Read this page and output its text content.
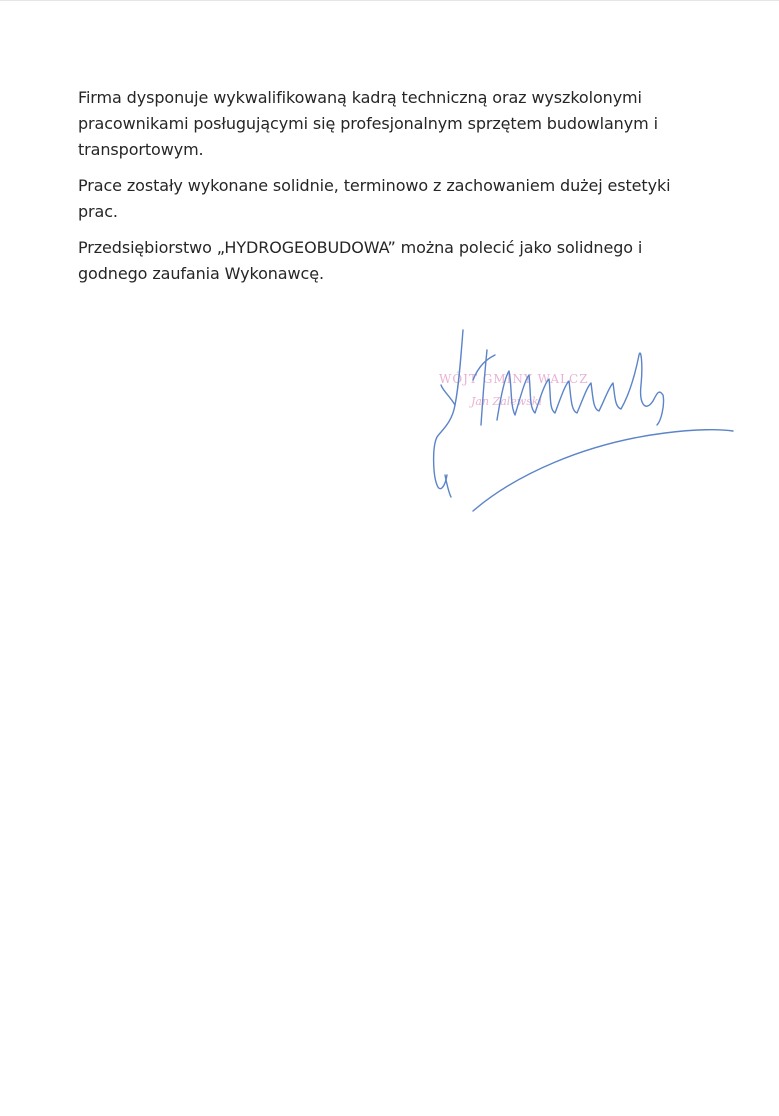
Firma dysponuje wykwalifikowaną kadrą techniczną oraz wyszkolonymi
pracownikami posługującymi się profesjonalnym sprzętem budowlanym i
transportowym.

Prace zostały wykonane solidnie, terminowo z zachowaniem dużej estetyki
prac.

Przedsiębiorstwo „HYDROGEOBUDOWA” można polecić jako solidnego i
godnego zaufania Wykonawcę.

WÓJT GMINY WALCZ
Jan Zalewski
